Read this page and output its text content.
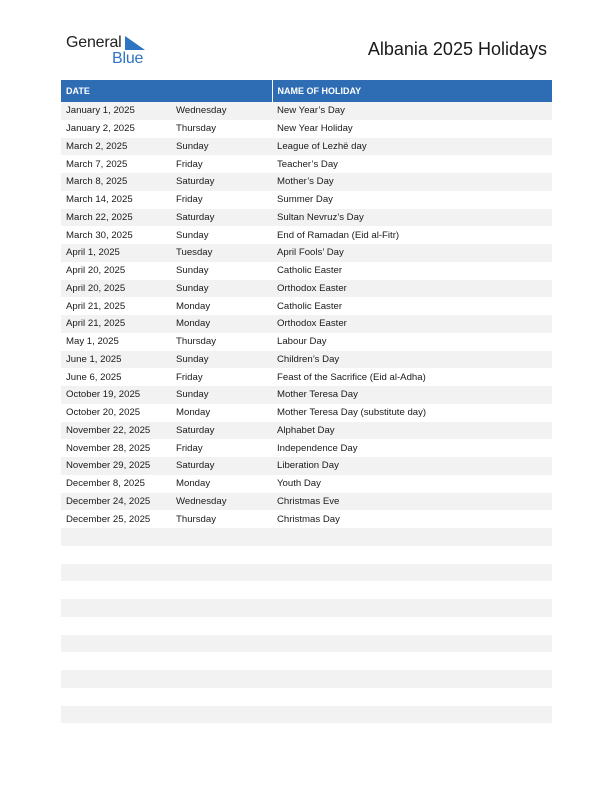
General
Blue	Albania 2025 Holidays
DATE		NAME OF HOLIDAY
January 1, 2025	Wednesday	New Year’s Day
January 2, 2025	Thursday	New Year Holiday
March 2, 2025	Sunday	League of Lezhë day
March 7, 2025	Friday	Teacher’s Day
March 8, 2025	Saturday	Mother’s Day
March 14, 2025	Friday	Summer Day
March 22, 2025	Saturday	Sultan Nevruz’s Day
March 30, 2025	Sunday	End of Ramadan (Eid al-Fitr)
April 1, 2025	Tuesday	April Fools’ Day
April 20, 2025	Sunday	Catholic Easter
April 20, 2025	Sunday	Orthodox Easter
April 21, 2025	Monday	Catholic Easter
April 21, 2025	Monday	Orthodox Easter
May 1, 2025	Thursday	Labour Day
June 1, 2025	Sunday	Children’s Day
June 6, 2025	Friday	Feast of the Sacrifice (Eid al-Adha)
October 19, 2025	Sunday	Mother Teresa Day
October 20, 2025	Monday	Mother Teresa Day (substitute day)
November 22, 2025	Saturday	Alphabet Day
November 28, 2025	Friday	Independence Day
November 29, 2025	Saturday	Liberation Day
December 8, 2025	Monday	Youth Day
December 24, 2025	Wednesday	Christmas Eve
December 25, 2025	Thursday	Christmas Day
